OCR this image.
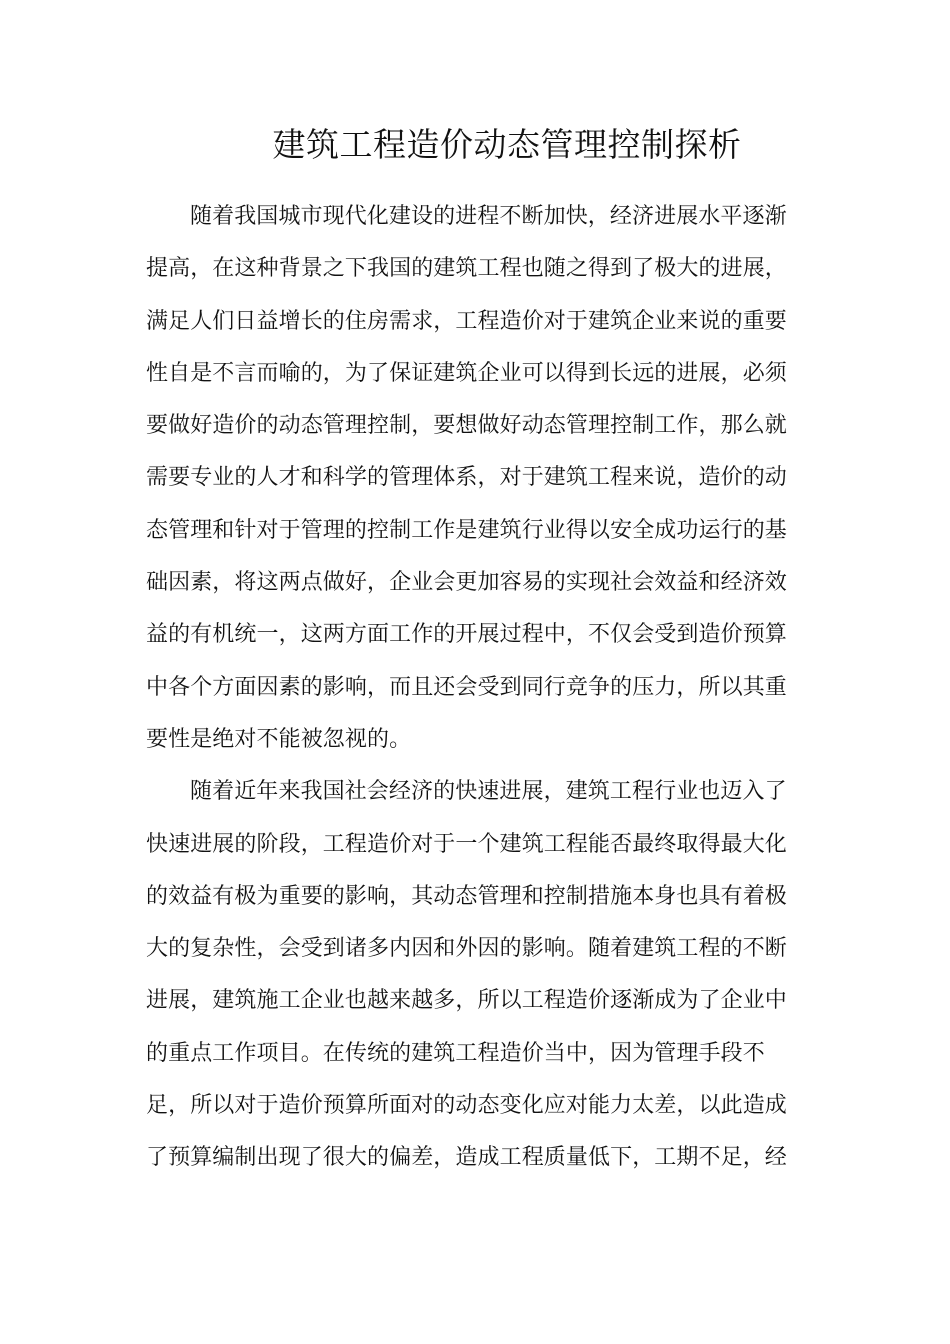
建筑工程造价动态管理控制探析
随着我国城市现代化建设的进程不断加快，经济进展水平逐渐
提高，在这种背景之下我国的建筑工程也随之得到了极大的进展，
满足人们日益增长的住房需求，工程造价对于建筑企业来说的重要
性自是不言而喻的，为了保证建筑企业可以得到长远的进展，必须
要做好造价的动态管理控制，要想做好动态管理控制工作，那么就
需要专业的人才和科学的管理体系，对于建筑工程来说，造价的动
态管理和针对于管理的控制工作是建筑行业得以安全成功运行的基
础因素，将这两点做好，企业会更加容易的实现社会效益和经济效
益的有机统一，这两方面工作的开展过程中，不仅会受到造价预算
中各个方面因素的影响，而且还会受到同行竞争的压力，所以其重
要性是绝对不能被忽视的。
随着近年来我国社会经济的快速进展，建筑工程行业也迈入了
快速进展的阶段，工程造价对于一个建筑工程能否最终取得最大化
的效益有极为重要的影响，其动态管理和控制措施本身也具有着极
大的复杂性，会受到诸多内因和外因的影响。随着建筑工程的不断
进展，建筑施工企业也越来越多，所以工程造价逐渐成为了企业中
的重点工作项目。在传统的建筑工程造价当中，因为管理手段不
足，所以对于造价预算所面对的动态变化应对能力太差，以此造成
了预算编制出现了很大的偏差，造成工程质量低下，工期不足，经
